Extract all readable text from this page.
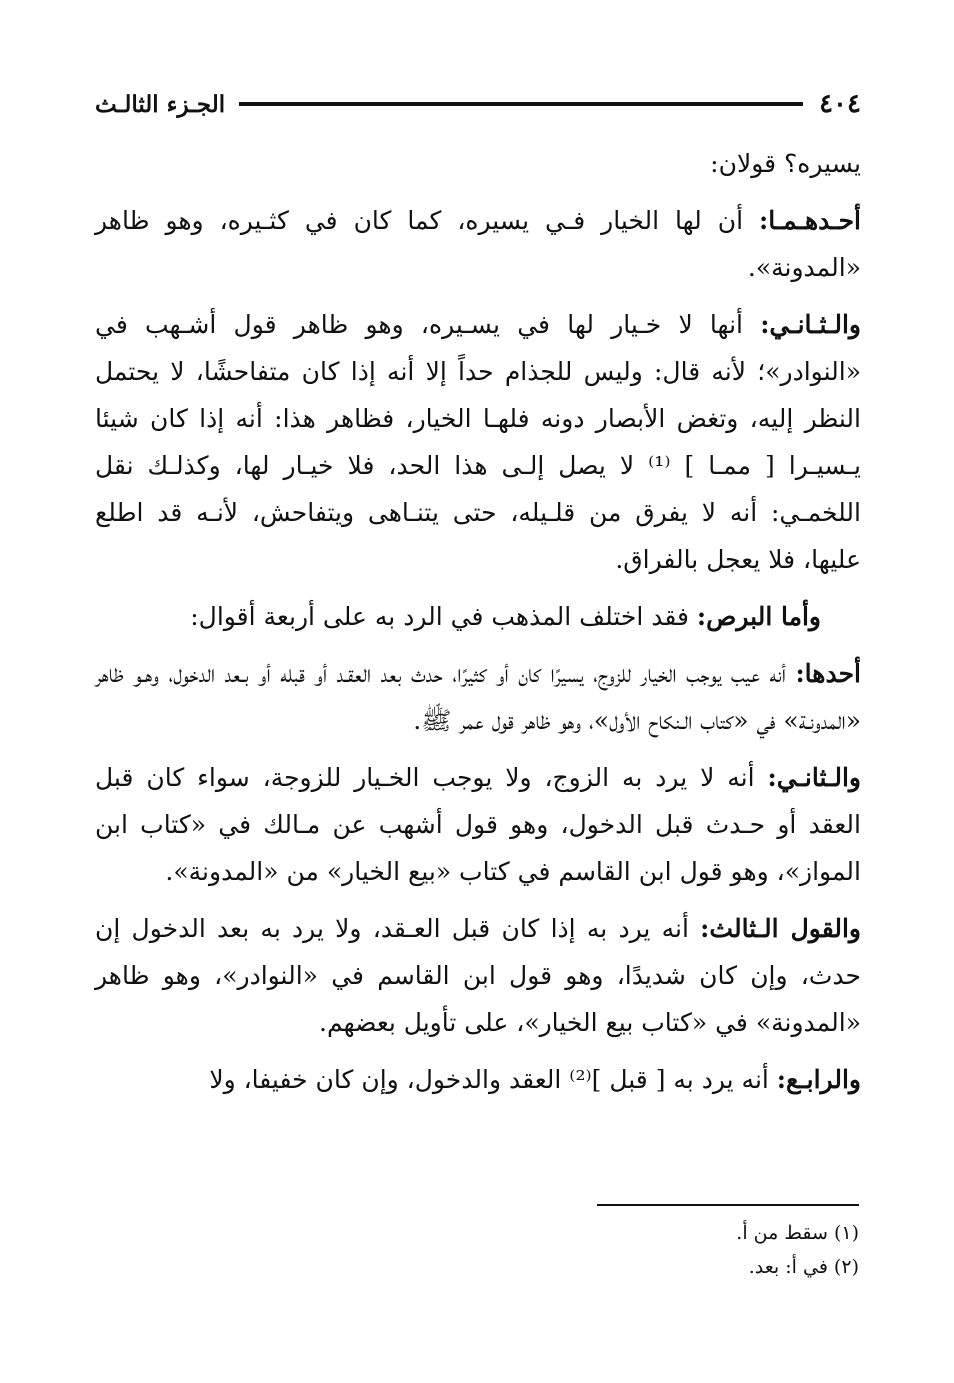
الجـزء الثالـث	٤٠٤

يسيره؟ قولان:

أحـدهـمـا: أن لها الخيار فـي يسيره، كما كان في كثـيره، وهو ظاهر «المدونة».

والـثـانـي: أنها لا خـيار لها في يسـيره، وهو ظاهر قول أشـهب في «النوادر»؛ لأنه قال: وليس للجذام حداً إلا أنه إذا كان متفاحشًا، لا يحتمل النظر إليه، وتغض الأبصار دونه فلهـا الخيار، فظاهر هذا: أنه إذا كان شيئا يـسيـرا [ ممـا ] ⁽¹⁾ لا يصل إلـى هذا الحد، فلا خيـار لها، وكذلـك نقل اللخمـي: أنه لا يفرق من قلـيله، حتى يتنـاهى ويتفاحش، لأنـه قد اطلع عليها، فلا يعجل بالفراق.

وأما البرص: فقد اختلف المذهب في الرد به على أربعة أقوال:

أحدها: أنه عيب يوجب الخيار للزوج، يسيرًا كان أو كثيرًا، حدث بعد العقـد أو قبله أو بـعد الدخول، وهـو ظاهر «المدونـة» في «كتاب الـنكاح الأول»، وهو ظاهر قول عمر ﷺ.

والـثانـي: أنه لا يرد به الزوج، ولا يوجب الخـيار للزوجة، سواء كان قبل العقد أو حـدث قبل الدخول، وهو قول أشهب عن مـالك في «كتاب ابن المواز»، وهو قول ابن القاسم في كتاب «بيع الخيار» من «المدونة».

والقول الـثالث: أنه يرد به إذا كان قبل العـقد، ولا يرد به بعد الدخول إن حدث، وإن كان شديدًا، وهو قول ابن القاسم في «النوادر»، وهو ظاهر «المدونة» في «كتاب بيع الخيار»، على تأويل بعضهم.

والرابـع: أنه يرد به [ قبل ]⁽²⁾ العقد والدخول، وإن كان خفيفا، ولا

(١) سقط من أ.
(٢) في أ: بعد.
